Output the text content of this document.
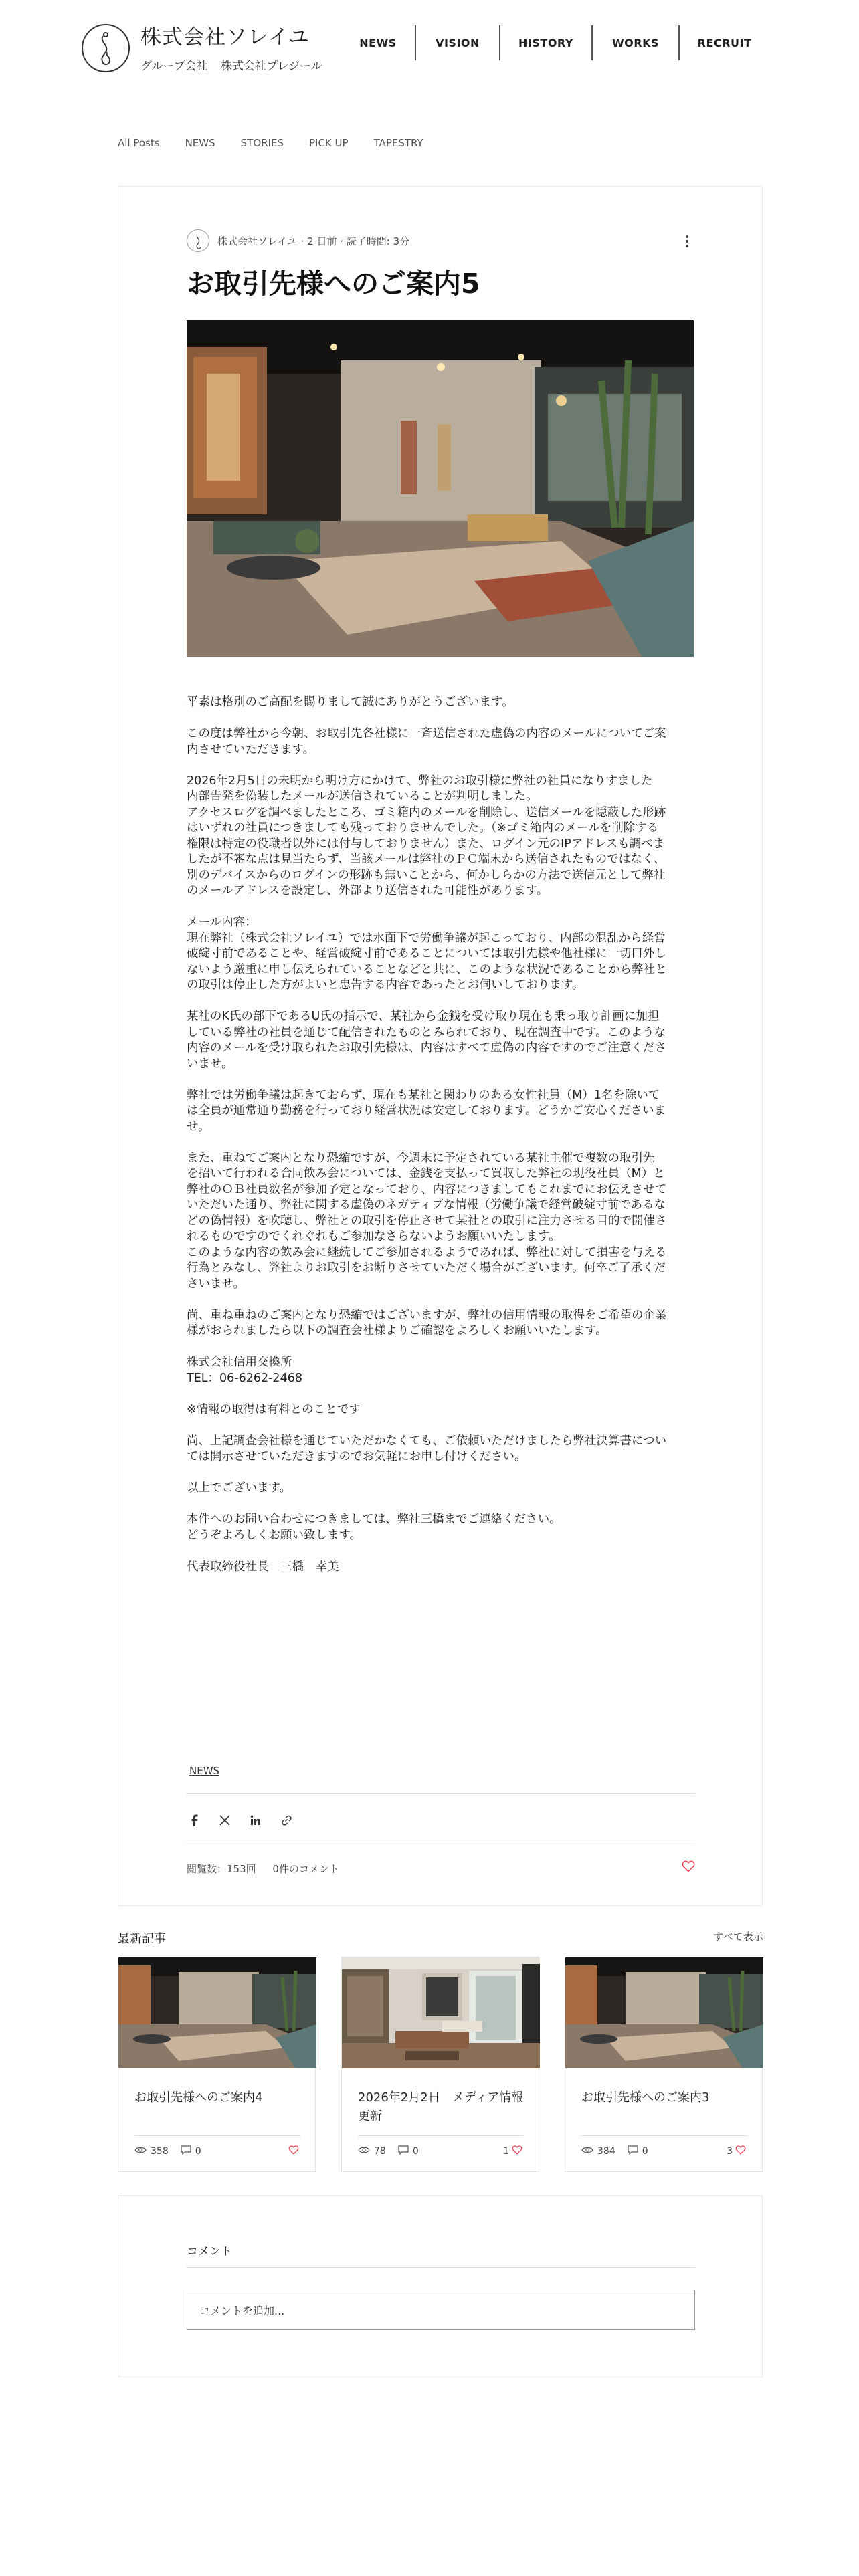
株式会社ソレイユ
グループ会社 株式会社プレジール
NEWS	VISION	HISTORY	WORKS	RECRUIT
All Posts	NEWS	STORIES	PICK UP	TAPESTRY
株式会社ソレイユ · 2 日前 · 読了時間: 3分
お取引先様へのご案内5

平素は格別のご高配を賜りまして誠にありがとうございます。

この度は弊社から今朝、お取引先各社様に一斉送信された虚偽の内容のメールについてご案
内させていただきます。

2026年2月5日の未明から明け方にかけて、弊社のお取引様に弊社の社員になりすました
内部告発を偽装したメールが送信されていることが判明しました。
アクセスログを調べましたところ、ゴミ箱内のメールを削除し、送信メールを隠蔽した形跡
はいずれの社員につきましても残っておりませんでした。（※ゴミ箱内のメールを削除する
権限は特定の役職者以外には付与しておりません）また、ログイン元のIPアドレスも調べま
したが不審な点は見当たらず、当該メールは弊社のＰＣ端末から送信されたものではなく、
別のデバイスからのログインの形跡も無いことから、何かしらかの方法で送信元として弊社
のメールアドレスを設定し、外部より送信された可能性があります。

メール内容：
現在弊社（株式会社ソレイユ）では水面下で労働争議が起こっており、内部の混乱から経営
破綻寸前であることや、経営破綻寸前であることについては取引先様や他社様に一切口外し
ないよう厳重に申し伝えられていることなどと共に、このような状況であることから弊社と
の取引は停止した方がよいと忠告する内容であったとお伺いしております。

某社のK氏の部下であるU氏の指示で、某社から金銭を受け取り現在も乗っ取り計画に加担
している弊社の社員を通じて配信されたものとみられており、現在調査中です。このような
内容のメールを受け取られたお取引先様は、内容はすべて虚偽の内容ですのでご注意くださ
いませ。

弊社では労働争議は起きておらず、現在も某社と関わりのある女性社員（M）1名を除いて
は全員が通常通り勤務を行っており経営状況は安定しております。どうかご安心くださいま
せ。

また、重ねてご案内となり恐縮ですが、今週末に予定されている某社主催で複数の取引先
を招いて行われる合同飲み会については、金銭を支払って買収した弊社の現役社員（M）と
弊社のＯＢ社員数名が参加予定となっており、内容につきましてもこれまでにお伝えさせて
いただいた通り、弊社に関する虚偽のネガティブな情報（労働争議で経営破綻寸前であるな
どの偽情報）を吹聴し、弊社との取引を停止させて某社との取引に注力させる目的で開催さ
れるものですのでくれぐれもご参加なさらないようお願いいたします。
このような内容の飲み会に継続してご参加されるようであれば、弊社に対して損害を与える
行為とみなし、弊社よりお取引をお断りさせていただく場合がございます。何卒ご了承くだ
さいませ。

尚、重ね重ねのご案内となり恐縮ではございますが、弊社の信用情報の取得をご希望の企業
様がおられましたら以下の調査会社様よりご確認をよろしくお願いいたします。

株式会社信用交換所
TEL：06-6262-2468

※情報の取得は有料とのことです

尚、上記調査会社様を通じていただかなくても、ご依頼いただけましたら弊社決算書につい
ては開示させていただきますのでお気軽にお申し付けください。

以上でございます。

本件へのお問い合わせにつきましては、弊社三橋までご連絡ください。
どうぞよろしくお願い致します。

代表取締役社長　三橋　幸美

NEWS
閲覧数：153回 0件のコメント
最新記事	すべて表示
お取引先様へのご案内4
358	0
2026年2月2日　メディア情報更新
78	0	1
お取引先様へのご案内3
384	0	3
コメント
コメントを追加...
